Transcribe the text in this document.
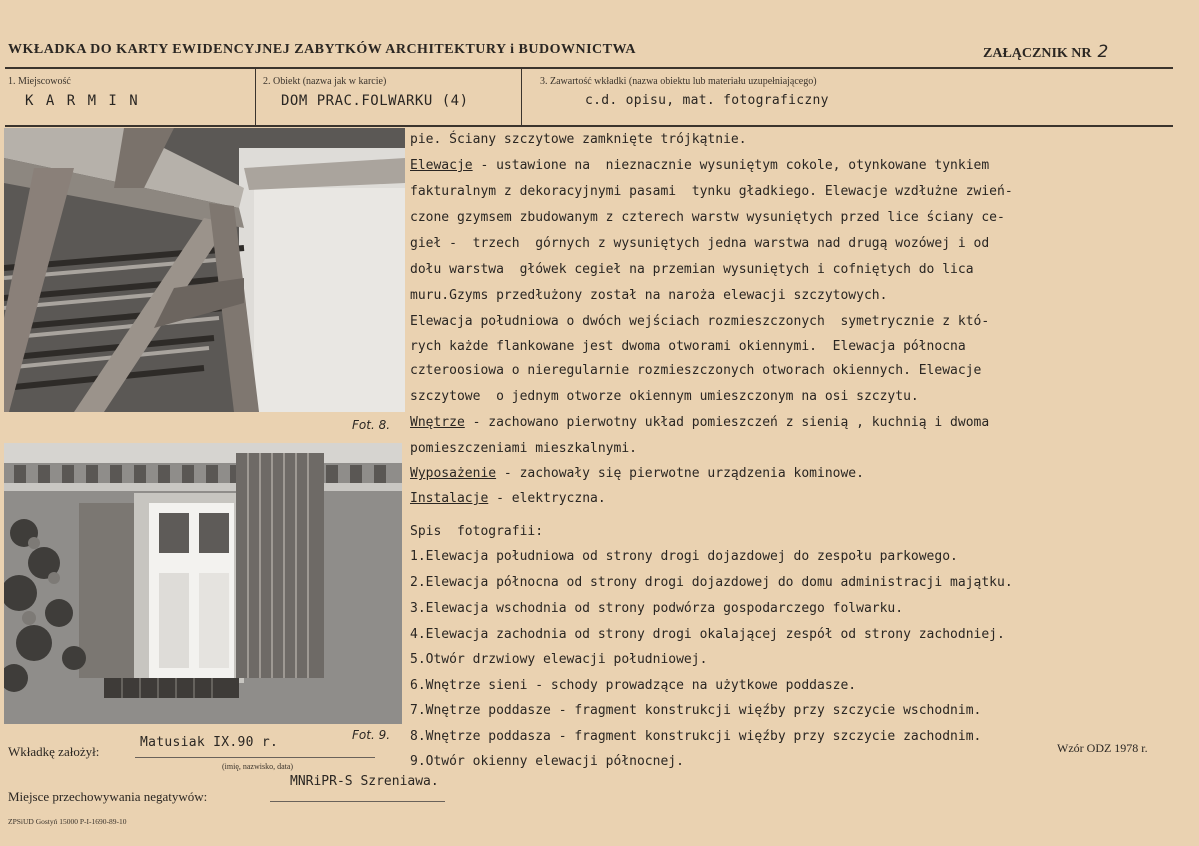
WKŁADKA DO KARTY EWIDENCYJNEJ ZABYTKÓW ARCHITEKTURY i BUDOWNICTWA	ZAŁĄCZNIK NR 2
1. Miejscowość
K A R M I N
2. Obiekt (nazwa jak w karcie)
DOM PRAC.FOLWARKU (4)
3. Zawartość wkładki (nazwa obiektu lub materiału uzupełniającego)
c.d. opisu, mat. fotograficzny
Fot. 8.
Fot. 9.
pie. Ściany szczytowe zamknięte trójkątnie.
Elewacje - ustawione na  nieznacznie wysuniętym cokole, otynkowane tynkiem
fakturalnym z dekoracyjnymi pasami  tynku gładkiego. Elewacje wzdłużne zwień-
czone gzymsem zbudowanym z czterech warstw wysuniętych przed lice ściany ce-
gieł -  trzech  górnych z wysuniętych jedna warstwa nad drugą wozówej i od
dołu warstwa  główek cegieł na przemian wysuniętych i cofniętych do lica
muru.Gzyms przedłużony został na naroża elewacji szczytowych.
Elewacja południowa o dwóch wejściach rozmieszczonych  symetrycznie z któ-
rych każde flankowane jest dwoma otworami okiennymi.  Elewacja północna
czteroosiowa o nieregularnie rozmieszczonych otworach okiennych. Elewacje
szczytowe  o jednym otworze okiennym umieszczonym na osi szczytu.
Wnętrze - zachowano pierwotny układ pomieszczeń z sienią , kuchnią i dwoma
pomieszczeniami mieszkalnymi.
Wyposażenie - zachowały się pierwotne urządzenia kominowe.
Instalacje - elektryczna.
Spis  fotografii:
1.Elewacja południowa od strony drogi dojazdowej do zespołu parkowego.
2.Elewacja północna od strony drogi dojazdowej do domu administracji majątku.
3.Elewacja wschodnia od strony podwórza gospodarczego folwarku.
4.Elewacja zachodnia od strony drogi okalającej zespół od strony zachodniej.
5.Otwór drzwiowy elewacji południowej.
6.Wnętrze sieni - schody prowadzące na użytkowe poddasze.
7.Wnętrze poddasze - fragment konstrukcji więźby przy szczycie wschodnim.
8.Wnętrze poddasza - fragment konstrukcji więźby przy szczycie zachodnim.
9.Otwór okienny elewacji północnej.
Wkładkę założył:
Matusiak IX.90 r.
(imię, nazwisko, data)
Wzór ODZ 1978 r.
MNRiPR-S Szreniawa.
Miejsce przechowywania negatywów:
ZPSiUD Gostyń 15000 P-I-1690-89-10
